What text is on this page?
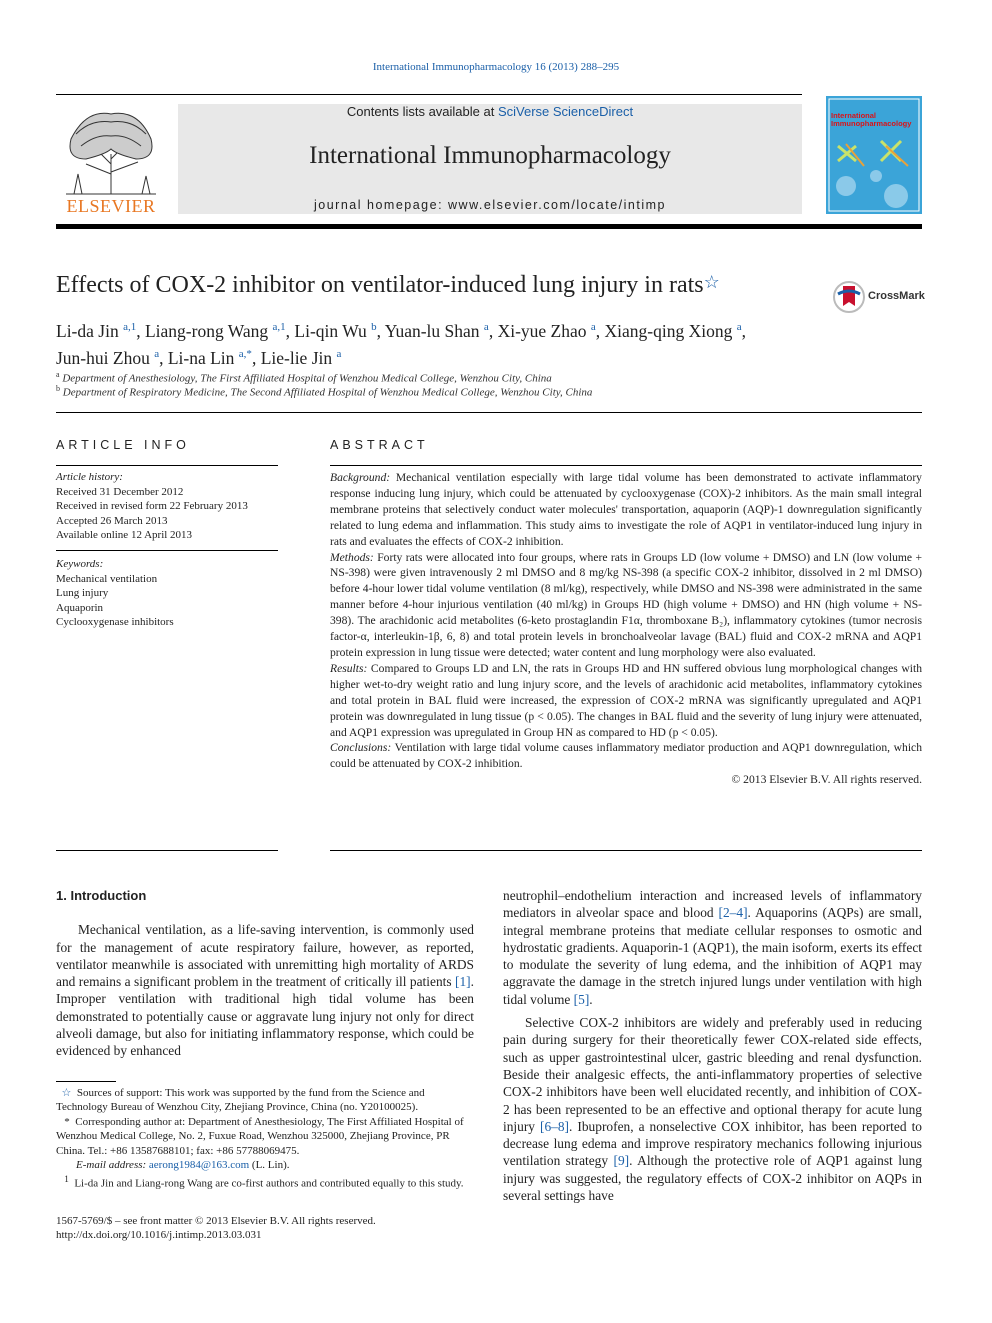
International Immunopharmacology 16 (2013) 288–295
ELSEVIER
Contents lists available at SciVerse ScienceDirect
International Immunopharmacology
journal homepage: www.elsevier.com/locate/intimp
International
Immunopharmacology
Effects of COX-2 inhibitor on ventilator-induced lung injury in rats☆
CrossMark
Li-da Jin $^{a,1}$, Liang-rong Wang $^{a,1}$, Li-qin Wu $^b$, Yuan-lu Shan $^a$, Xi-yue Zhao $^a$, Xiang-qing Xiong $^a$,
Jun-hui Zhou $^a$, Li-na Lin $^{a,*}$, Lie-lie Jin $^a$
$^a$ Department of Anesthesiology, The First Affiliated Hospital of Wenzhou Medical College, Wenzhou City, China
$^b$ Department of Respiratory Medicine, The Second Affiliated Hospital of Wenzhou Medical College, Wenzhou City, China
ARTICLE INFO
Article history:
Received 31 December 2012
Received in revised form 22 February 2013
Accepted 26 March 2013
Available online 12 April 2013
Keywords:
Mechanical ventilation
Lung injury
Aquaporin
Cyclooxygenase inhibitors
ABSTRACT

Background: Mechanical ventilation especially with large tidal volume has been demonstrated to activate inflammatory response inducing lung injury, which could be attenuated by cyclooxygenase (COX)-2 inhibitors. As the main small integral membrane proteins that selectively conduct water molecules' transportation, aquaporin (AQP)-1 downregulation significantly related to lung edema and inflammation. This study aims to investigate the role of AQP1 in ventilator-induced lung injury in rats and evaluates the effects of COX-2 inhibition.

Methods: Forty rats were allocated into four groups, where rats in Groups LD (low volume + DMSO) and LN (low volume + NS-398) were given intravenously 2 ml DMSO and 8 mg/kg NS-398 (a specific COX-2 inhibitor, dissolved in 2 ml DMSO) before 4-hour lower tidal volume ventilation (8 ml/kg), respectively, while DMSO and NS-398 were administrated in the same manner before 4-hour injurious ventilation (40 ml/kg) in Groups HD (high volume + DMSO) and HN (high volume + NS-398). The arachidonic acid metabolites (6-keto prostaglandin F1α, thromboxane B₂), inflammatory cytokines (tumor necrosis factor-α, interleukin-1β, 6, 8) and total protein levels in bronchoalveolar lavage (BAL) fluid and COX-2 mRNA and AQP1 protein expression in lung tissue were detected; water content and lung morphology were also evaluated.

Results: Compared to Groups LD and LN, the rats in Groups HD and HN suffered obvious lung morphological changes with higher wet-to-dry weight ratio and lung injury score, and the levels of arachidonic acid metabolites, inflammatory cytokines and total protein in BAL fluid were increased, the expression of COX-2 mRNA was significantly upregulated and AQP1 protein was downregulated in lung tissue (p < 0.05). The changes in BAL fluid and the severity of lung injury were attenuated, and AQP1 expression was upregulated in Group HN as compared to HD (p < 0.05).

Conclusions: Ventilation with large tidal volume causes inflammatory mediator production and AQP1 downregulation, which could be attenuated by COX-2 inhibition.

© 2013 Elsevier B.V. All rights reserved.

1. Introduction

Mechanical ventilation, as a life-saving intervention, is commonly used for the management of acute respiratory failure, however, as reported, ventilator meanwhile is associated with unremitting high mortality of ARDS and remains a significant problem in the treatment of critically ill patients [1]. Improper ventilation with traditional high tidal volume has been demonstrated to potentially cause or aggravate lung injury not only for direct alveoli damage, but also for initiating inflammatory response, which could be evidenced by enhanced

neutrophil–endothelium interaction and increased levels of inflammatory mediators in alveolar space and blood [2–4]. Aquaporins (AQPs) are small, integral membrane proteins that mediate cellular responses to osmotic and hydrostatic gradients. Aquaporin-1 (AQP1), the main isoform, exerts its effect to modulate the severity of lung edema, and the inhibition of AQP1 may aggravate the damage in the stretch injured lungs under ventilation with high tidal volume [5].

Selective COX-2 inhibitors are widely and preferably used in reducing pain during surgery for their theoretically fewer COX-related side effects, such as upper gastrointestinal ulcer, gastric bleeding and renal dysfunction. Beside their analgesic effects, the anti-inflammatory properties of selective COX-2 inhibitors have been well elucidated recently, and inhibition of COX-2 has been represented to be an effective and optional therapy for acute lung injury [6–8]. Ibuprofen, a nonselective COX inhibitor, has been reported to decrease lung edema and improve respiratory mechanics following injurious ventilation strategy [9]. Although the protective role of AQP1 against lung injury was suggested, the regulatory effects of COX-2 inhibitor on AQPs in several settings have

☆ Sources of support: This work was supported by the fund from the Science and Technology Bureau of Wenzhou City, Zhejiang Province, China (no. Y20100025).

* Corresponding author at: Department of Anesthesiology, The First Affiliated Hospital of Wenzhou Medical College, No. 2, Fuxue Road, Wenzhou 325000, Zhejiang Province, PR China. Tel.: +86 13587688101; fax: +86 57788069475.

E-mail address: aerong1984@163.com (L. Lin).

$^1$ Li-da Jin and Liang-rong Wang are co-first authors and contributed equally to this study.

1567-5769/$ – see front matter © 2013 Elsevier B.V. All rights reserved.
http://dx.doi.org/10.1016/j.intimp.2013.03.031
